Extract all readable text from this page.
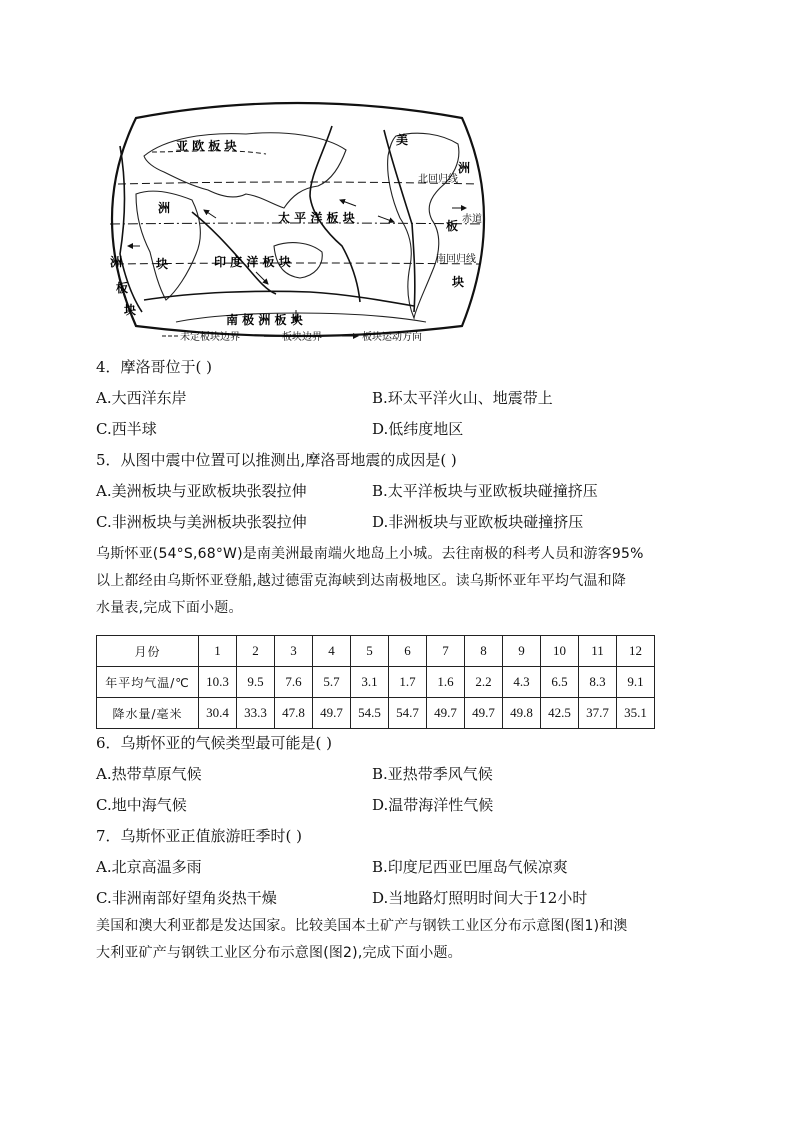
亚 欧 板 块
太 平 洋 板 块
印 度 洋 板 块
南 极 洲 板 块
洲
块
美
洲
板
块
洲
板
块
北回归线
赤道
南回归线
未定板块边界	板块边界	板块运动方向
4．摩洛哥位于( )
A.大西洋东岸	B.环太平洋火山、地震带上
C.西半球	D.低纬度地区
5．从图中震中位置可以推测出,摩洛哥地震的成因是( )
A.美洲板块与亚欧板块张裂拉伸	B.太平洋板块与亚欧板块碰撞挤压
C.非洲板块与美洲板块张裂拉伸	D.非洲板块与亚欧板块碰撞挤压
乌斯怀亚(54°S,68°W)是南美洲最南端火地岛上小城。去往南极的科考人员和游客95%
以上都经由乌斯怀亚登船,越过德雷克海峡到达南极地区。读乌斯怀亚年平均气温和降
水量表,完成下面小题。
月份	1	2	3	4	5	6	7	8	9	10	11	12
年平均气温/℃	10.3	9.5	7.6	5.7	3.1	1.7	1.6	2.2	4.3	6.5	8.3	9.1
降水量/毫米	30.4	33.3	47.8	49.7	54.5	54.7	49.7	49.7	49.8	42.5	37.7	35.1
6．乌斯怀亚的气候类型最可能是( )
A.热带草原气候	B.亚热带季风气候
C.地中海气候	D.温带海洋性气候
7．乌斯怀亚正值旅游旺季时( )
A.北京高温多雨	B.印度尼西亚巴厘岛气候凉爽
C.非洲南部好望角炎热干燥	D.当地路灯照明时间大于12小时
美国和澳大利亚都是发达国家。比较美国本土矿产与钢铁工业区分布示意图(图1)和澳
大利亚矿产与钢铁工业区分布示意图(图2),完成下面小题。
